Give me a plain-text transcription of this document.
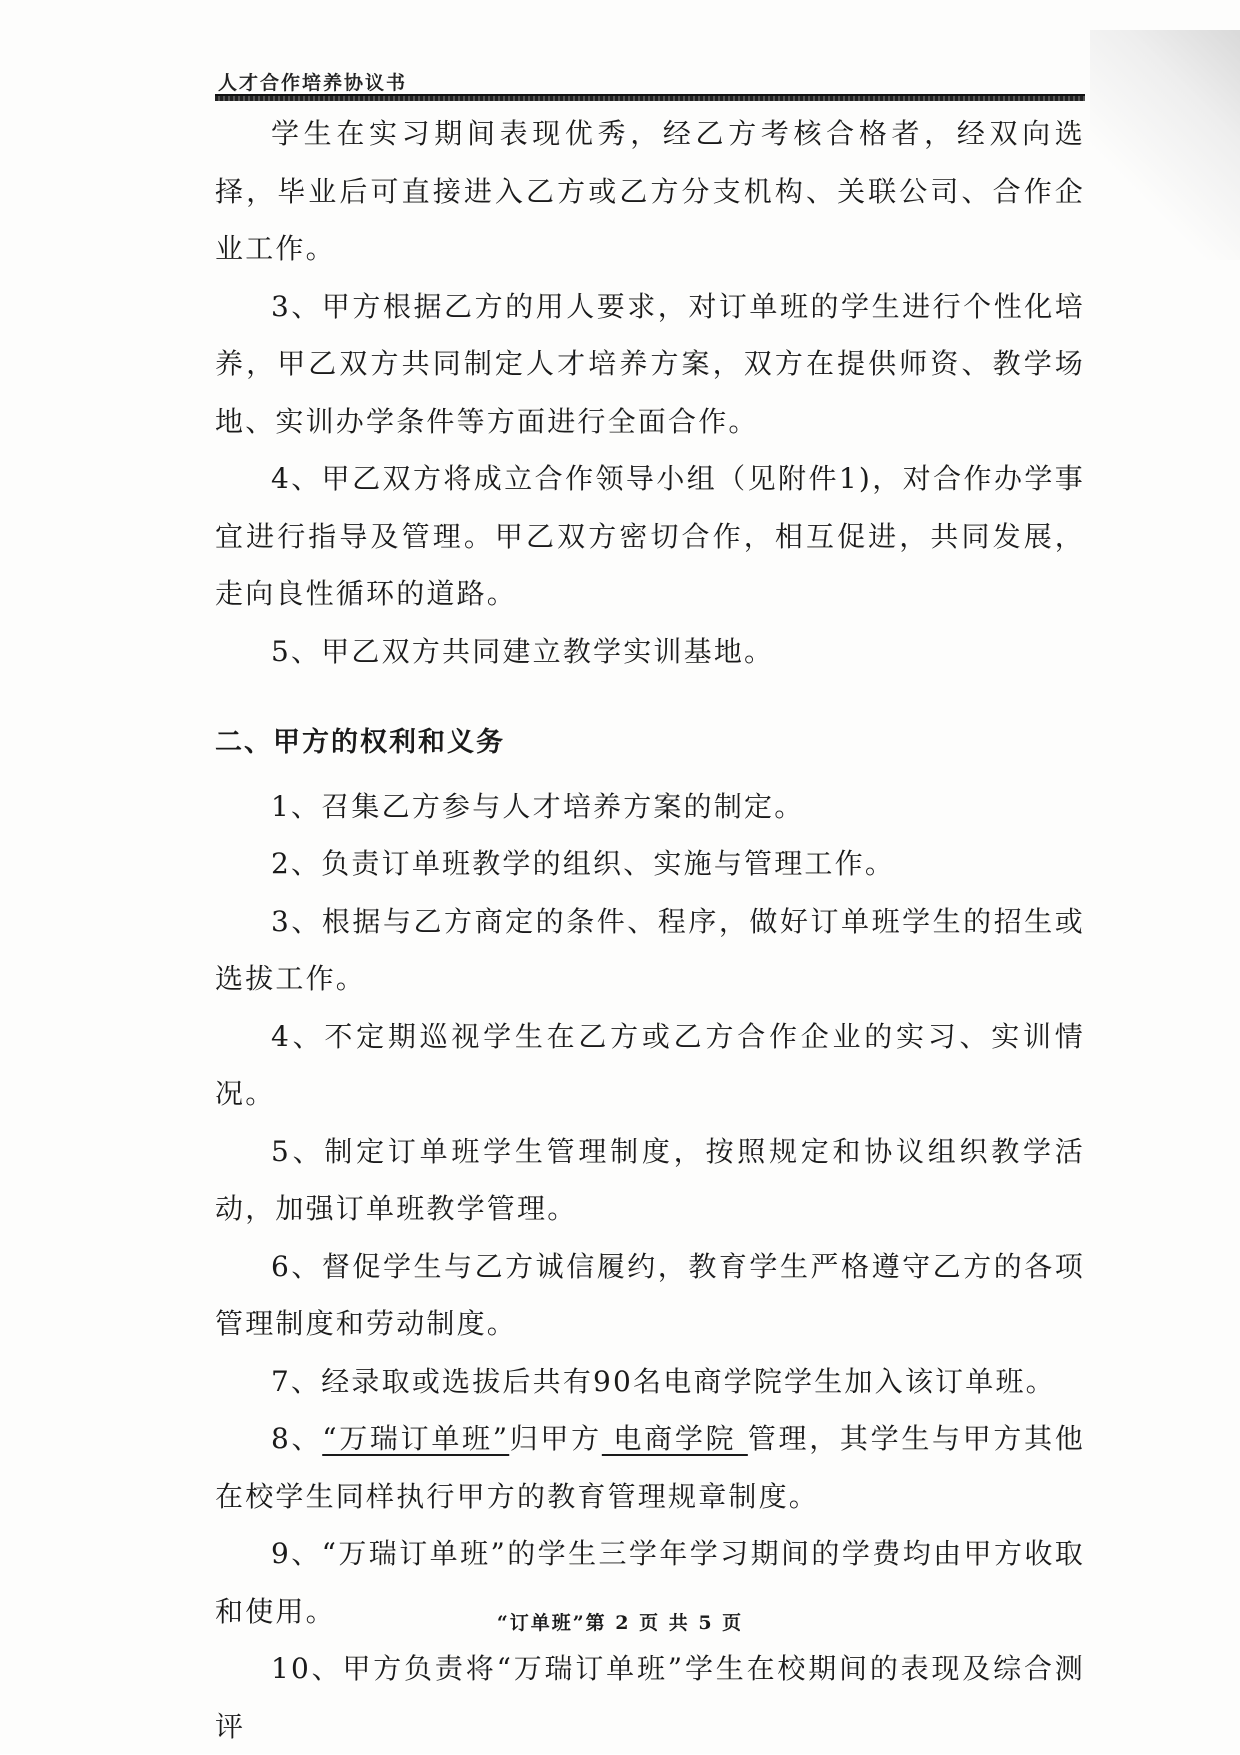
人才合作培养协议书

学生在实习期间表现优秀，经乙方考核合格者，经双向选择，毕业后可直接进入乙方或乙方分支机构、关联公司、合作企业工作。

3、甲方根据乙方的用人要求，对订单班的学生进行个性化培养，甲乙双方共同制定人才培养方案，双方在提供师资、教学场地、实训办学条件等方面进行全面合作。

4、甲乙双方将成立合作领导小组（见附件1)，对合作办学事宜进行指导及管理。甲乙双方密切合作，相互促进，共同发展，走向良性循环的道路。

5、甲乙双方共同建立教学实训基地。

二、甲方的权利和义务

1、召集乙方参与人才培养方案的制定。

2、负责订单班教学的组织、实施与管理工作。

3、根据与乙方商定的条件、程序，做好订单班学生的招生或选拔工作。

4、不定期巡视学生在乙方或乙方合作企业的实习、实训情况。

5、制定订单班学生管理制度，按照规定和协议组织教学活动，加强订单班教学管理。

6、督促学生与乙方诚信履约，教育学生严格遵守乙方的各项管理制度和劳动制度。

7、经录取或选拔后共有90名电商学院学生加入该订单班。

8、“万瑞订单班”归甲方 电商学院 管理，其学生与甲方其他在校学生同样执行甲方的教育管理规章制度。

9、“万瑞订单班”的学生三学年学习期间的学费均由甲方收取和使用。

10、甲方负责将“万瑞订单班”学生在校期间的表现及综合测评

“订单班”第 2 页 共 5 页
